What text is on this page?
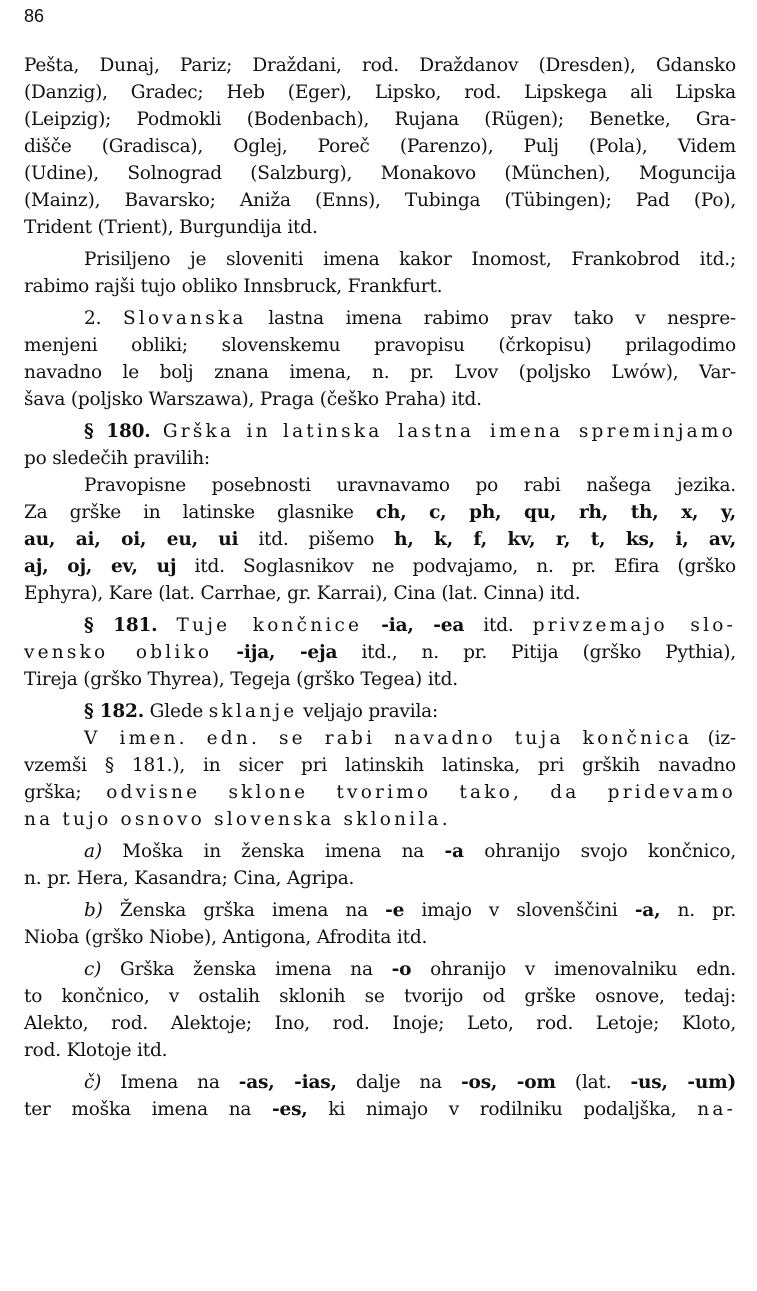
86

Pešta, Dunaj, Pariz; Draždani, rod. Draždanov (Dresden), Gdansko
(Danzig), Gradec; Heb (Eger), Lipsko, rod. Lipskega ali Lipska
(Leipzig); Podmokli (Bodenbach), Rujana (Rügen); Benetke, Gra-
dišče (Gradisca), Oglej, Poreč (Parenzo), Pulj (Pola), Videm
(Udine), Solnograd (Salzburg), Monakovo (München), Moguncija
(Mainz), Bavarsko; Aniža (Enns), Tubinga (Tübingen); Pad (Po),
Trident (Trient), Burgundija itd.

Prisiljeno je sloveniti imena kakor Inomost, Frankobrod itd.;
rabimo rajši tujo obliko Innsbruck, Frankfurt.

2. Slovanska lastna imena rabimo prav tako v nespre-
menjeni obliki; slovenskemu pravopisu (črkopisu) prilagodimo
navadno le bolj znana imena, n. pr. Lvov (poljsko Lwów), Var-
šava (poljsko Warszawa), Praga (češko Praha) itd.

§ 180. Grška in latinska lastna imena spreminjamo
po sledečih pravilih:
Pravopisne posebnosti uravnavamo po rabi našega jezika.
Za grške in latinske glasnike ch, c, ph, qu, rh, th, x, y,
au, ai, oi, eu, ui itd. pišemo h, k, f, kv, r, t, ks, i, av,
aj, oj, ev, uj itd. Soglasnikov ne podvajamo, n. pr. Efira (grško
Ephyra), Kare (lat. Carrhae, gr. Karrai), Cina (lat. Cinna) itd.

§ 181. Tuje končnice -ia, -ea itd. privzemajo slo-
vensko obliko -ija, -eja itd., n. pr. Pitija (grško Pythia),
Tireja (grško Thyrea), Tegeja (grško Tegea) itd.

§ 182. Glede sklanje veljajo pravila:
V imen. edn. se rabi navadno tuja končnica (iz-
vzemši § 181.), in sicer pri latinskih latinska, pri grških navadno
grška; odvisne sklone tvorimo tako, da pridevamo
na tujo osnovo slovenska sklonila.

a) Moška in ženska imena na -a ohranijo svojo končnico,
n. pr. Hera, Kasandra; Cina, Agripa.

b) Ženska grška imena na -e imajo v slovenščini -a, n. pr.
Nioba (grško Niobe), Antigona, Afrodita itd.

c) Grška ženska imena na -o ohranijo v imenovalniku edn.
to končnico, v ostalih sklonih se tvorijo od grške osnove, tedaj:
Alekto, rod. Alektoje; Ino, rod. Inoje; Leto, rod. Letoje; Kloto,
rod. Klotoje itd.

č) Imena na -as, -ias, dalje na -os, -om (lat. -us, -um)
ter moška imena na -es, ki nimajo v rodilniku podaljška, na-
